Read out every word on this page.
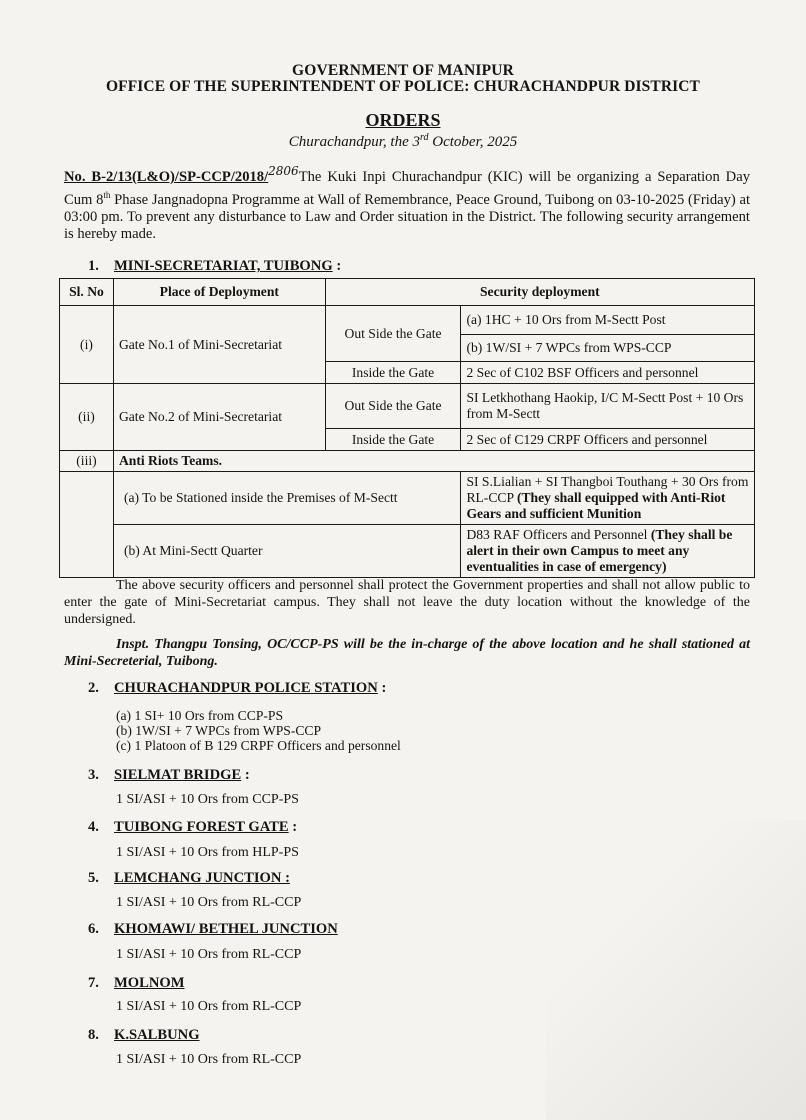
GOVERNMENT OF MANIPUR
OFFICE OF THE SUPERINTENDENT OF POLICE: CHURACHANDPUR DISTRICT
ORDERS
Churachandpur, the 3rd October, 2025
No. B-2/13(L&O)/SP-CCP/2018/$^{2806}$The Kuki Inpi Churachandpur (KIC) will be organizing a Separation Day Cum 8th Phase Jangnadopna Programme at Wall of Remembrance, Peace Ground, Tuibong on 03-10-2025 (Friday) at 03:00 pm. To prevent any disturbance to Law and Order situation in the District. The following security arrangement is hereby made.
1. MINI-SECRETARIAT, TUIBONG :
Sl. No	Place of Deployment	Security deployment	
(i)	Gate No.1 of Mini-Secretariat	Out Side the Gate	(a) 1HC + 10 Ors from M-Sectt Post
			(b) 1W/SI + 7 WPCs from WPS-CCP
		Inside the Gate	2 Sec of C102 BSF Officers and personnel
(ii)	Gate No.2 of Mini-Secretariat	Out Side the Gate	SI Letkhothang Haokip, I/C M-Sectt Post + 10 Ors from M-Sectt
		Inside the Gate	2 Sec of C129 CRPF Officers and personnel
(iii)	Anti Riots Teams.		
	(a) To be Stationed inside the Premises of M-Sectt		SI S.Lialian + SI Thangboi Touthang + 30 Ors from RL-CCP (They shall equipped with Anti-Riot Gears and sufficient Munition
	(b) At Mini-Sectt Quarter		D83 RAF Officers and Personnel (They shall be alert in their own Campus to meet any eventualities in case of emergency)
The above security officers and personnel shall protect the Government properties and shall not allow public to enter the gate of Mini-Secretariat campus. They shall not leave the duty location without the knowledge of the undersigned.
Inspt. Thangpu Tonsing, OC/CCP-PS will be the in-charge of the above location and he shall stationed at Mini-Secreterial, Tuibong.
2. CHURACHANDPUR POLICE STATION :
(a) 1 SI+ 10 Ors from CCP-PS
(b) 1W/SI + 7 WPCs from WPS-CCP
(c) 1 Platoon of B 129 CRPF Officers and personnel
3. SIELMAT BRIDGE :
1 SI/ASI + 10 Ors from CCP-PS
4. TUIBONG FOREST GATE :
1 SI/ASI + 10 Ors from HLP-PS
5. LEMCHANG JUNCTION :
1 SI/ASI + 10 Ors from RL-CCP
6. KHOMAWI/ BETHEL JUNCTION
1 SI/ASI + 10 Ors from RL-CCP
7. MOLNOM
1 SI/ASI + 10 Ors from RL-CCP
8. K.SALBUNG
1 SI/ASI + 10 Ors from RL-CCP
